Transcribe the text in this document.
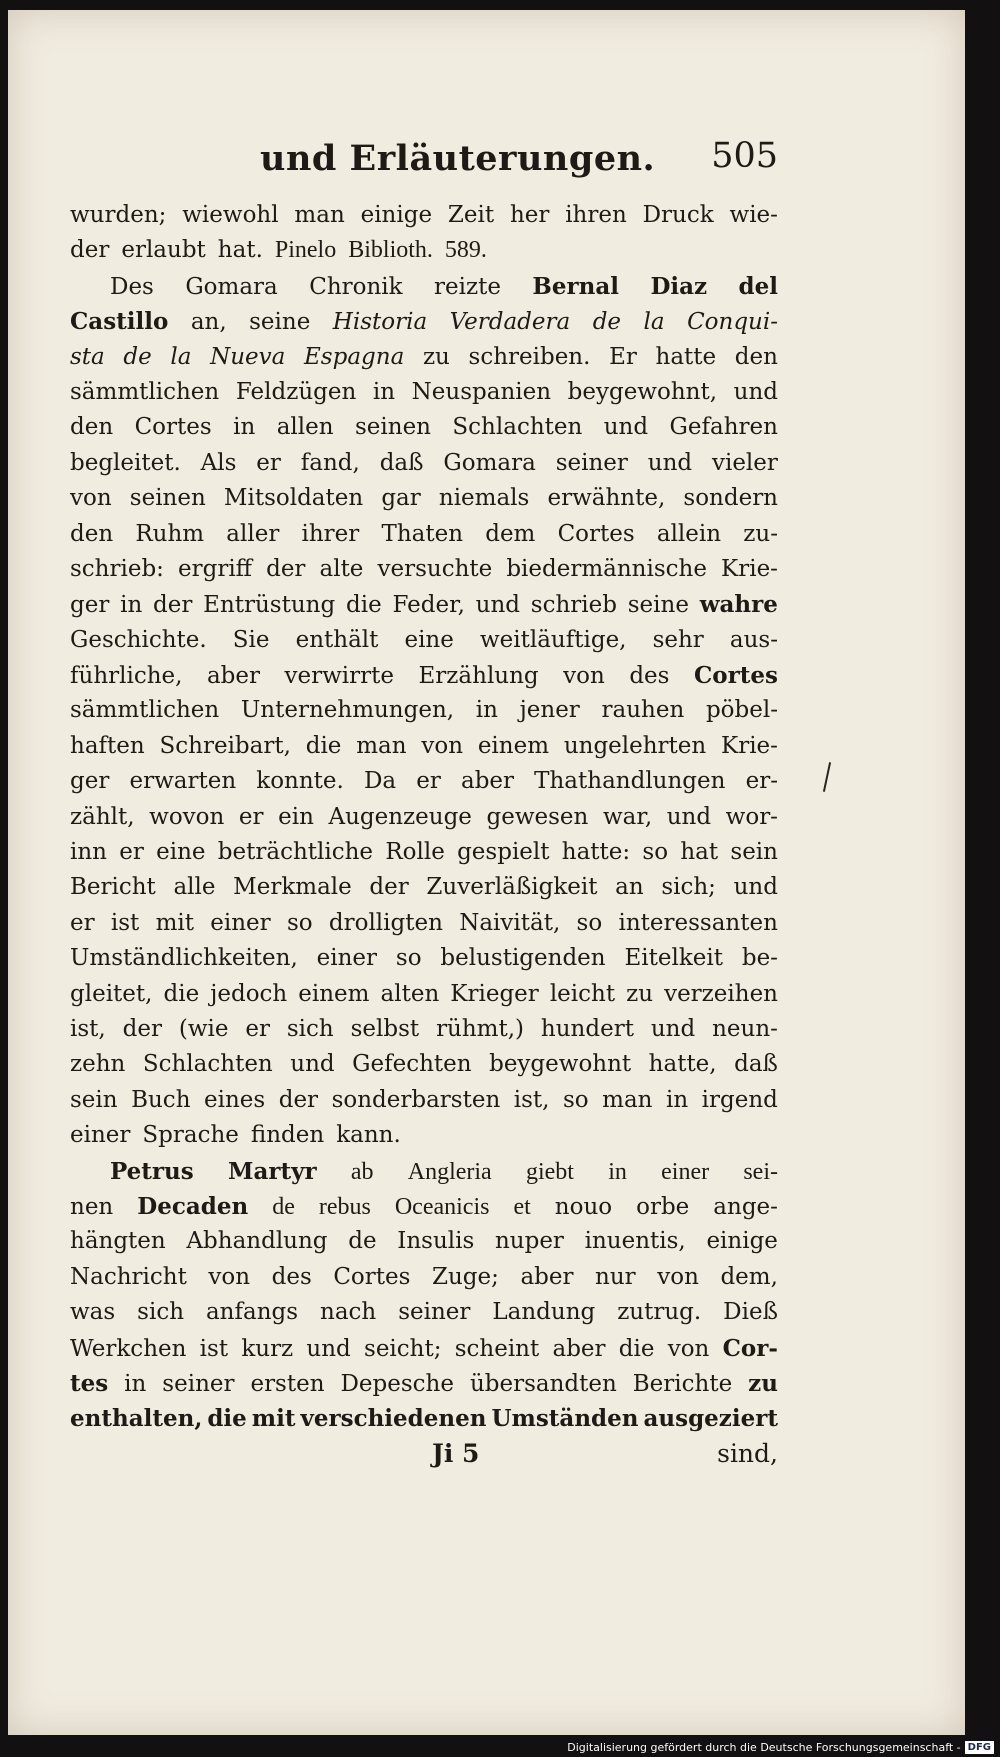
und Erläuterungen. 505
wurden; wiewohl man einige Zeit her ihren Druck wie-
der erlaubt hat. Pinelo Biblioth. 589.
Des Gomara Chronik reizte Bernal Diaz del
Castillo an, seine Historia Verdadera de la Conqui-
sta de la Nueva Espagna zu schreiben. Er hatte den
sämmtlichen Feldzügen in Neuspanien beygewohnt, und
den Cortes in allen seinen Schlachten und Gefahren
begleitet. Als er fand, daß Gomara seiner und vieler
von seinen Mitsoldaten gar niemals erwähnte, sondern
den Ruhm aller ihrer Thaten dem Cortes allein zu-
schrieb: ergriff der alte versuchte biedermännische Krie-
ger in der Entrüstung die Feder, und schrieb seine wahre
Geschichte. Sie enthält eine weitläuftige, sehr aus-
führliche, aber verwirrte Erzählung von des Cortes
sämmtlichen Unternehmungen, in jener rauhen pöbel-
haften Schreibart, die man von einem ungelehrten Krie-
ger erwarten konnte. Da er aber Thathandlungen er-
zählt, wovon er ein Augenzeuge gewesen war, und wor-
inn er eine beträchtliche Rolle gespielt hatte: so hat sein
Bericht alle Merkmale der Zuverläßigkeit an sich; und
er ist mit einer so drolligten Naivität, so interessanten
Umständlichkeiten, einer so belustigenden Eitelkeit be-
gleitet, die jedoch einem alten Krieger leicht zu verzeihen
ist, der (wie er sich selbst rühmt,) hundert und neun-
zehn Schlachten und Gefechten beygewohnt hatte, daß
sein Buch eines der sonderbarsten ist, so man in irgend
einer Sprache finden kann.
Petrus Martyr ab Angleria giebt in einer sei-
nen Decaden de rebus Oceanicis et nouo orbe ange-
hängten Abhandlung de Insulis nuper inuentis, einige
Nachricht von des Cortes Zuge; aber nur von dem,
was sich anfangs nach seiner Landung zutrug. Dieß
Werkchen ist kurz und seicht; scheint aber die von Cor-
tes in seiner ersten Depesche übersandten Berichte zu
enthalten, die mit verschiedenen Umständen ausgeziert
Ji 5	sind,
Digitalisierung gefördert durch die Deutsche Forschungsgemeinschaft - DFG
